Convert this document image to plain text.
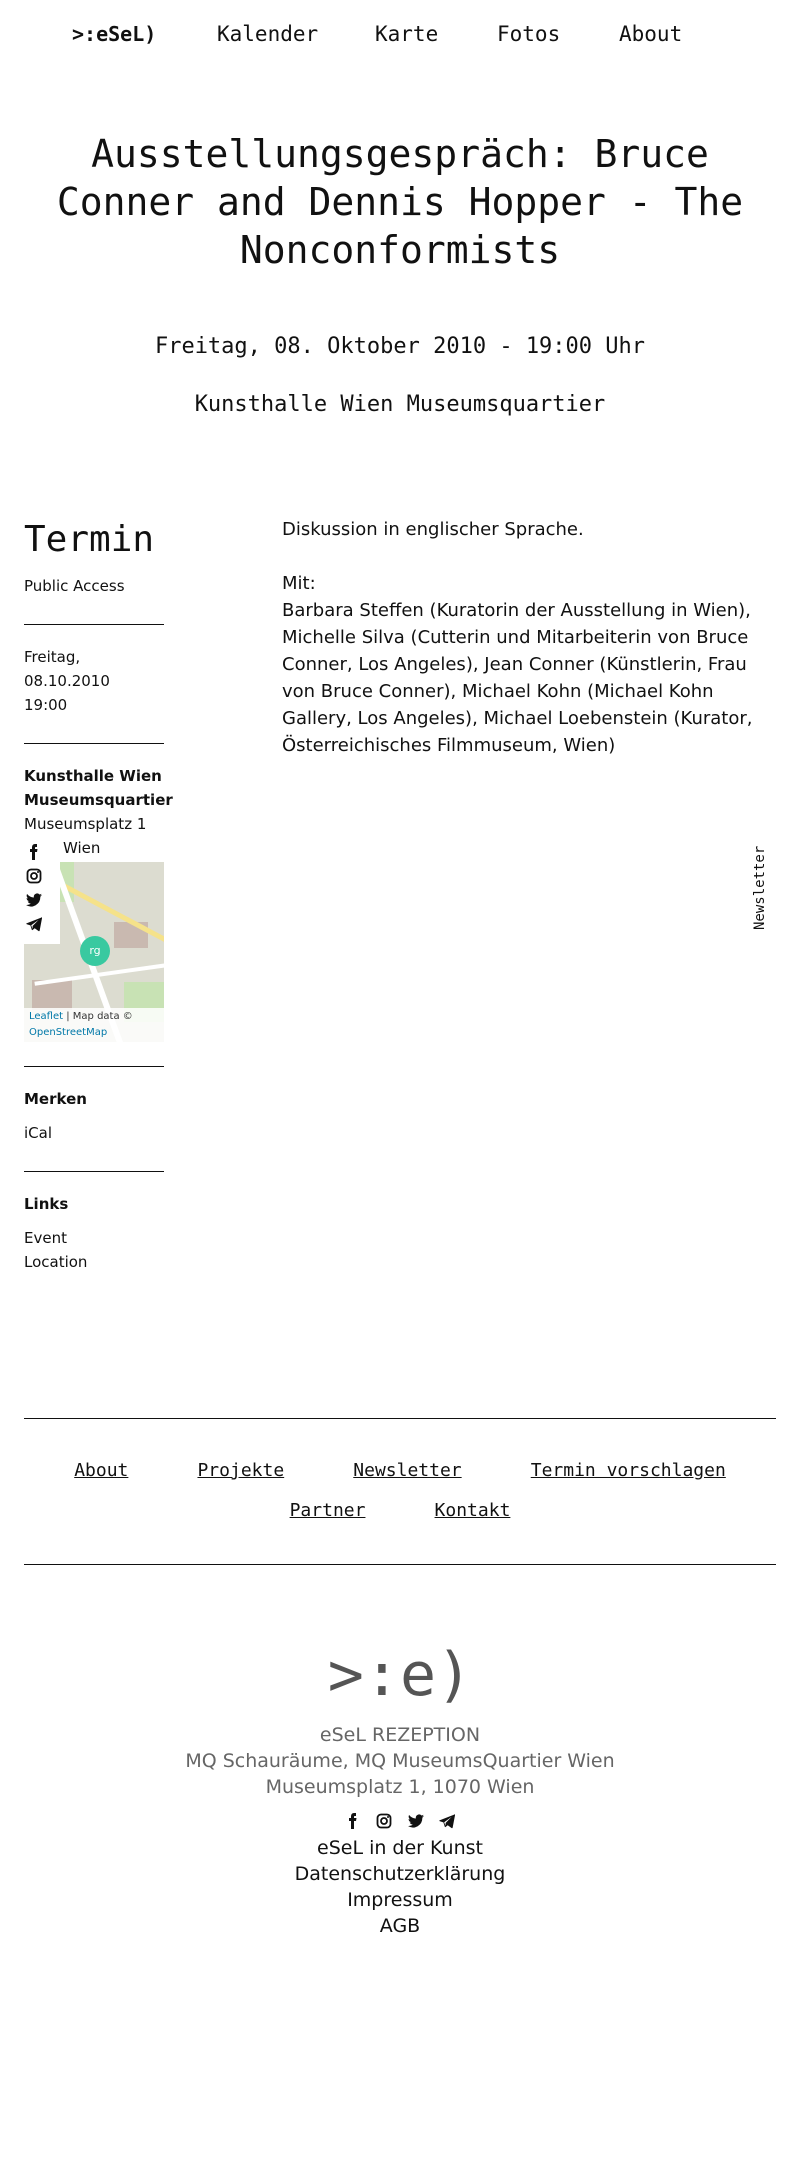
>:eSeL)	Kalender	Karte	Fotos	About
Ausstellungsgespräch: Bruce Conner and Dennis Hopper - The Nonconformists
Freitag, 08. Oktober 2010 - 19:00 Uhr
Kunsthalle Wien Museumsquartier
Termin
Public Access
Freitag, 08.10.2010
19:00
Kunsthalle Wien Museumsquartier
Museumsplatz 1
Wien
rg
Leaflet | Map data ©
OpenStreetMap
Merken
iCal
Links
Event
Location

Diskussion in englischer Sprache.

Mit:
Barbara Steffen (Kuratorin der Ausstellung in Wien), Michelle Silva (Cutterin und Mitarbeiterin von Bruce Conner, Los Angeles), Jean Conner (Künstlerin, Frau von Bruce Conner), Michael Kohn (Michael Kohn Gallery, Los Angeles), Michael Loebenstein (Kurator, Österreichisches Filmmuseum, Wien)
Newsletter
About	Projekte	Newsletter	Termin vorschlagen
Partner	Kontakt
>:e)
eSeL REZEPTION
MQ Schauräume, MQ MuseumsQuartier Wien
Museumsplatz 1, 1070 Wien

eSeL in der Kunst
Datenschutzerklärung
Impressum
AGB
